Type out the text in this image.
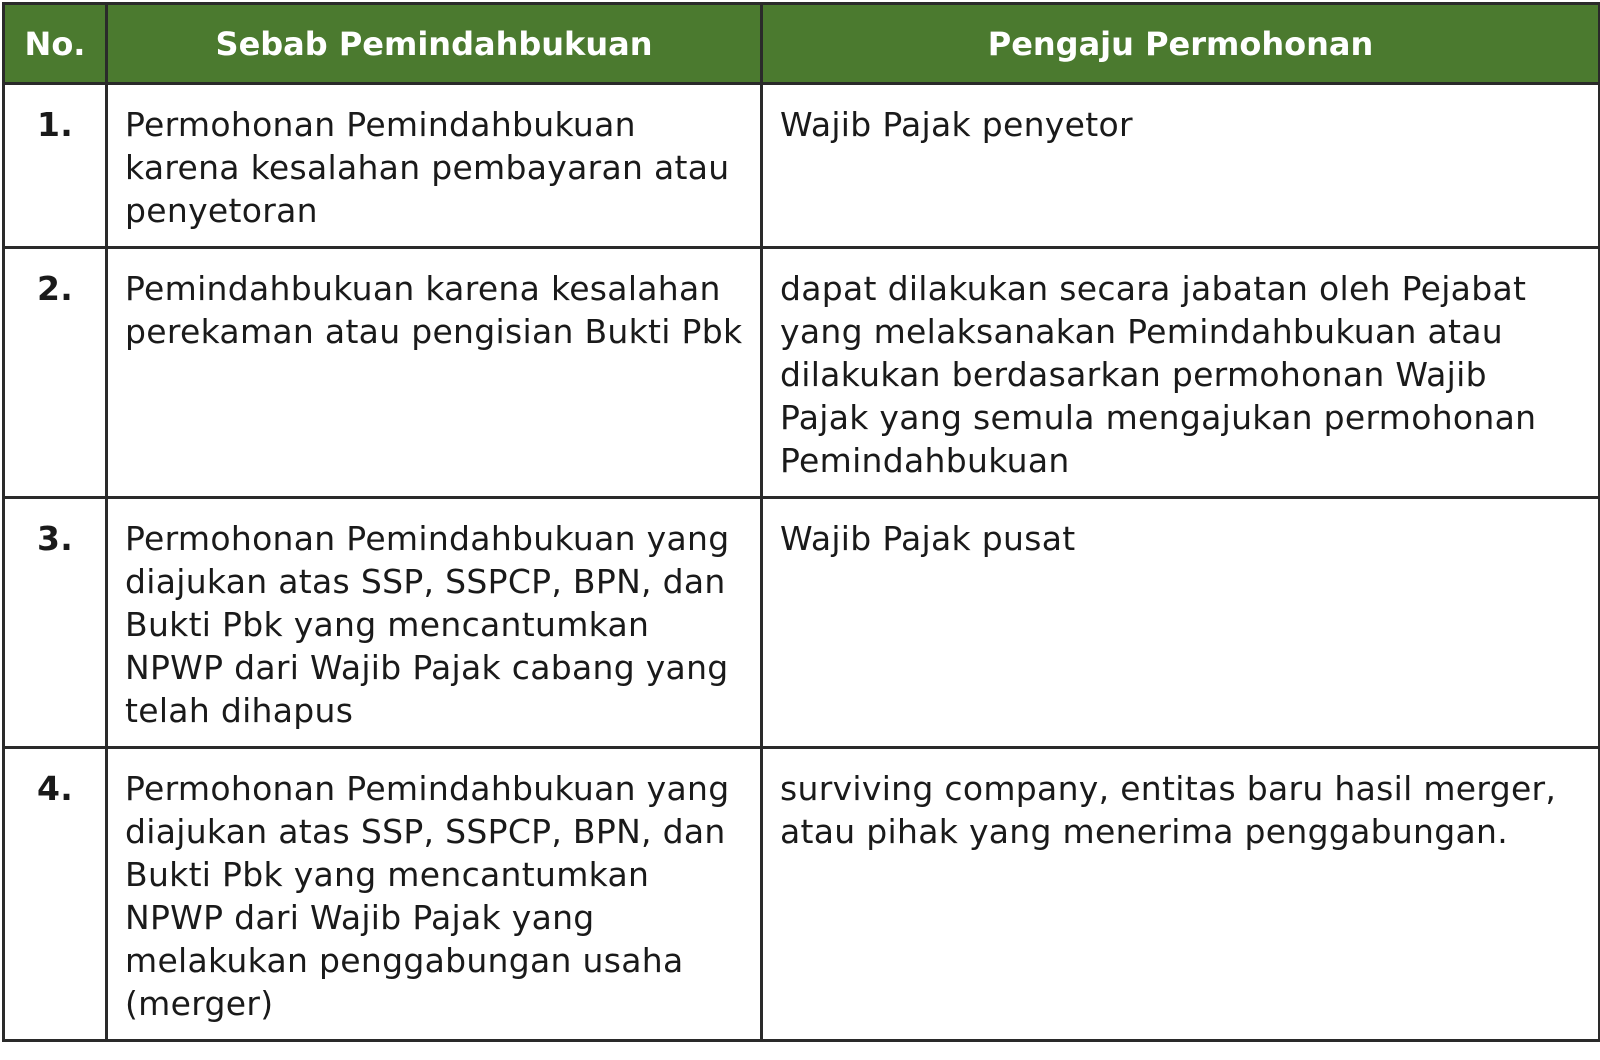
No.	Sebab Pemindahbukuan	Pengaju Permohonan
1.	Permohonan Pemindahbukuan karena kesalahan pembayaran atau penyetoran	Wajib Pajak penyetor
2.	Pemindahbukuan karena kesalahan perekaman atau pengisian Bukti Pbk	dapat dilakukan secara jabatan oleh Pejabat yang melaksanakan Pemindahbukuan atau dilakukan berdasarkan permohonan Wajib Pajak yang semula mengajukan permohonan Pemindahbukuan
3.	Permohonan Pemindahbukuan yang diajukan atas SSP, SSPCP, BPN, dan Bukti Pbk yang mencantumkan NPWP dari Wajib Pajak cabang yang telah dihapus	Wajib Pajak pusat
4.	Permohonan Pemindahbukuan yang diajukan atas SSP, SSPCP, BPN, dan Bukti Pbk yang mencantumkan NPWP dari Wajib Pajak yang melakukan penggabungan usaha (merger)	surviving company, entitas baru hasil merger, atau pihak yang menerima penggabungan.
